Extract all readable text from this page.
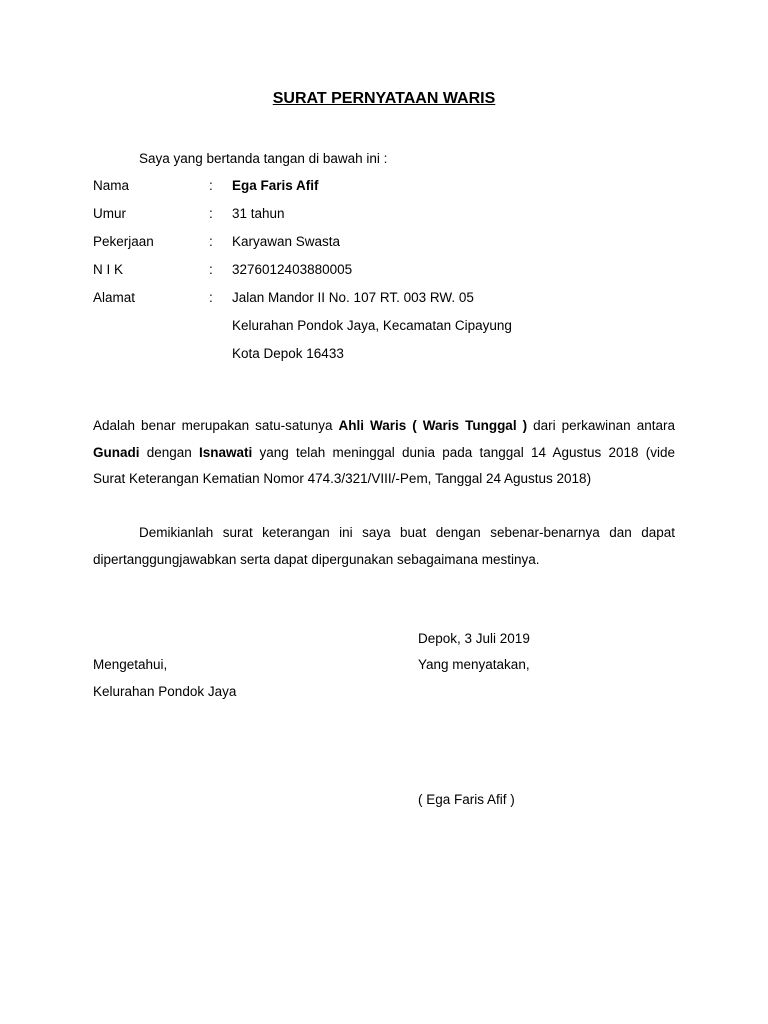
SURAT PERNYATAAN WARIS
Saya yang bertanda tangan di bawah ini :
Nama	: Ega Faris Afif
Umur	: 31 tahun
Pekerjaan	: Karyawan Swasta
N I K	: 3276012403880005
Alamat	: Jalan Mandor II No. 107 RT. 003 RW. 05
Kelurahan Pondok Jaya, Kecamatan Cipayung
Kota Depok 16433
Adalah benar merupakan satu-satunya Ahli Waris ( Waris Tunggal ) dari perkawinan antara
Gunadi dengan Isnawati yang telah meninggal dunia pada tanggal 14 Agustus 2018 (vide
Surat Keterangan Kematian Nomor 474.3/321/VIII/-Pem, Tanggal 24 Agustus 2018)
Demikianlah surat keterangan ini saya buat dengan sebenar-benarnya dan dapat
dipertanggungjawabkan serta dapat dipergunakan sebagaimana mestinya.
Depok, 3 Juli 2019
Yang menyatakan,
Mengetahui,
Kelurahan Pondok Jaya
( Ega Faris Afif )
